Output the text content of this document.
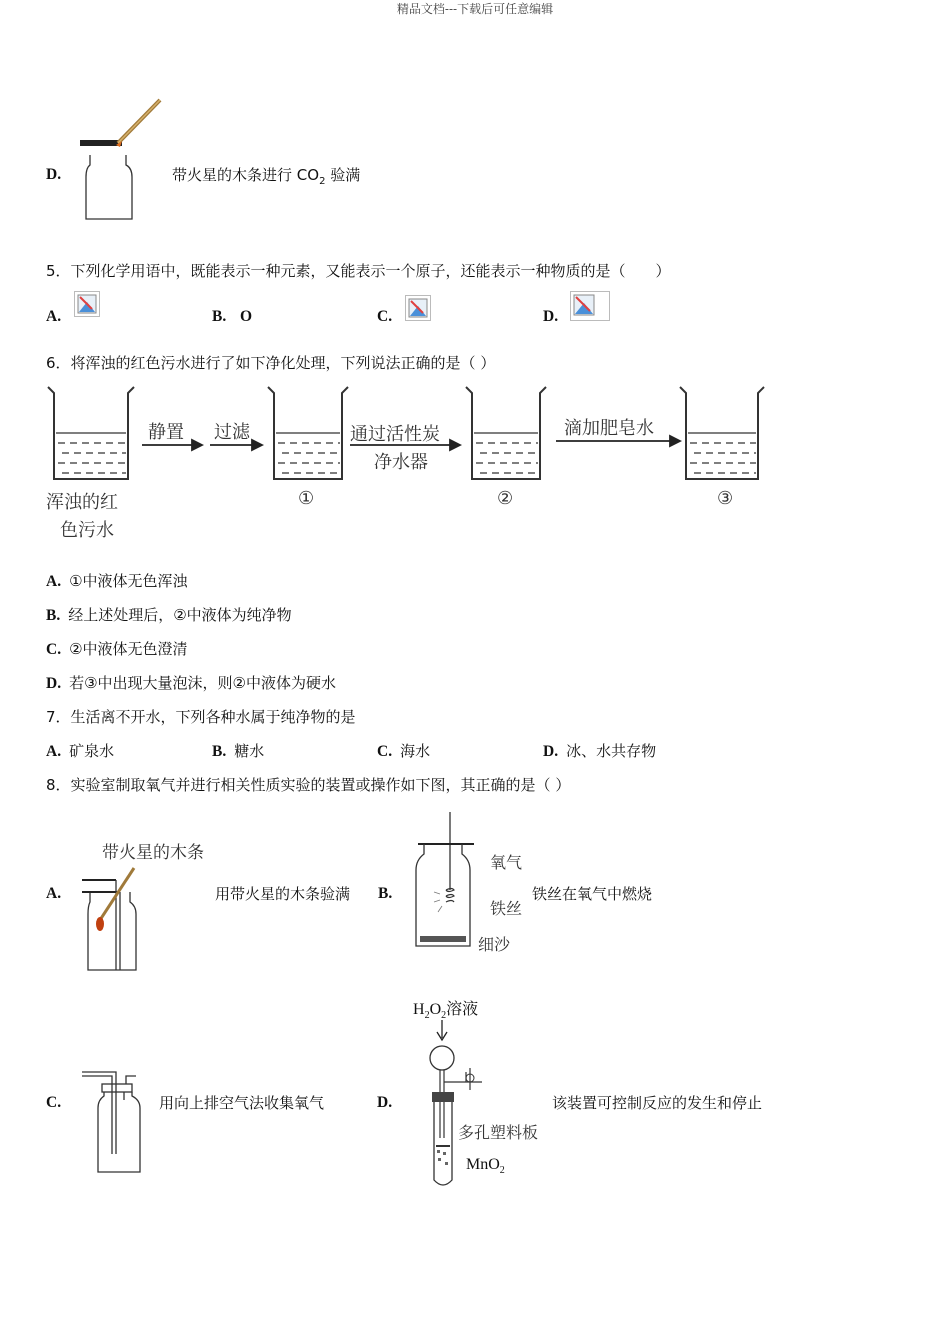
精品文档---下载后可任意编辑
D.	带火星的木条进行 $CO_2$ 验满
5．下列化学用语中，既能表示一种元素，又能表示一个原子，还能表示一种物质的是（　　）
A.	B. O	C.	D.
6．将浑浊的红色污水进行了如下净化处理，下列说法正确的是（ ）
浑浊的红
色污水
静置 过滤	通过活性炭
净水器
滴加肥皂水
①	②	③
A. ①中液体无色浑浊
B. 经上述处理后，②中液体为纯净物
C. ②中液体无色澄清
D. 若③中出现大量泡沫，则②中液体为硬水
7．生活离不开水，下列各种水属于纯净物的是
A. 矿泉水	B. 糖水	C. 海水	D. 冰、水共存物
8．实验室制取氧气并进行相关性质实验的装置或操作如下图，其正确的是（ ）
带火星的木条
A.	用带火星的木条验满 B.
氧气
铁丝
细沙
铁丝在氧气中燃烧
C.	用向上排空气法收集氧气	D.
$H_2O_2$溶液
多孔塑料板
MnO$_2$
该装置可控制反应的发生和停止
